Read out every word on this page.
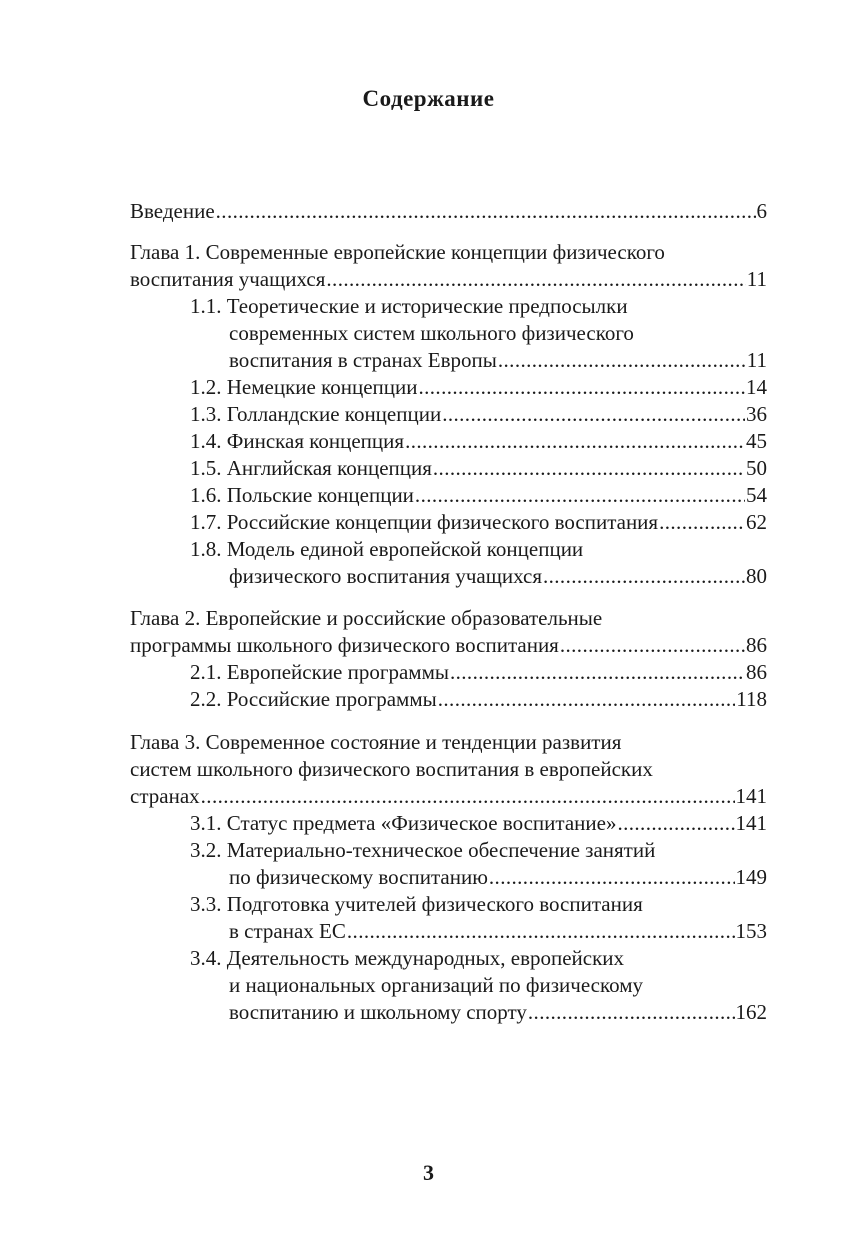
Содержание
Введение .....	6
Глава 1. Современные европейские концепции физического
воспитания учащихся .....	11
1.1. Теоретические и исторические предпосылки
современных систем школьного физического
воспитания в странах Европы .....	11
1.2. Немецкие концепции .....	14
1.3. Голландские концепции .....	36
1.4. Финская концепция .....	45
1.5. Английская концепция .....	50
1.6. Польские концепции .....	54
1.7. Российские концепции физического воспитания .....	62
1.8. Модель единой европейской концепции
физического воспитания учащихся .....	80
Глава 2. Европейские и российские образовательные
программы школьного физического воспитания .....	86
2.1. Европейские программы .....	86
2.2. Российские программы .....	118
Глава 3. Современное состояние и тенденции развития
систем школьного физического воспитания в европейских
странах .....	141
3.1. Статус предмета «Физическое воспитание» .....	141
3.2. Материально-техническое обеспечение занятий
по физическому воспитанию .....	149
3.3. Подготовка учителей физического воспитания
в странах ЕС .....	153
3.4. Деятельность международных, европейских
и национальных организаций по физическому
воспитанию и школьному спорту .....	162
3
